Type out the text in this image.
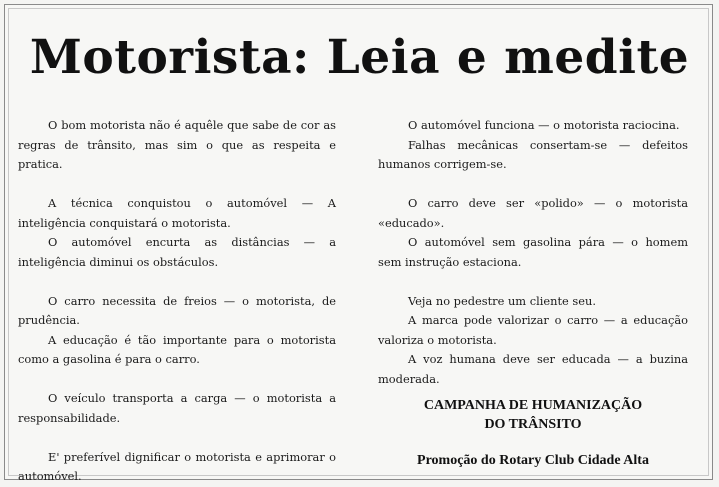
Motorista: Leia e medite

O bom motorista não é aquêle que sabe de cor as regras de trânsito, mas sim o que as respeita e pratica.

A técnica conquistou o automóvel — A inteligência conquistará o motorista.

O automóvel encurta as distâncias — a inteligência diminui os obstáculos.

O carro necessita de freios — o motorista, de prudência.

A educação é tão importante para o motorista como a gasolina é para o carro.

O veículo transporta a carga — o motorista a responsabilidade.

E' preferível dignificar o motorista e aprimorar o automóvel.

O automóvel funciona — o motorista raciocina.

Falhas mecânicas consertam-se — defeitos humanos corrigem-se.

O carro deve ser «polido» — o motorista «educado».

O automóvel sem gasolina pára — o homem sem instrução estaciona.

Veja no pedestre um cliente seu.

A marca pode valorizar o carro — a educação valoriza o motorista.

A voz humana deve ser educada — a buzina moderada.

CAMPANHA DE HUMANIZAÇÃO
DO TRÂNSITO
Promoção do Rotary Club Cidade Alta
